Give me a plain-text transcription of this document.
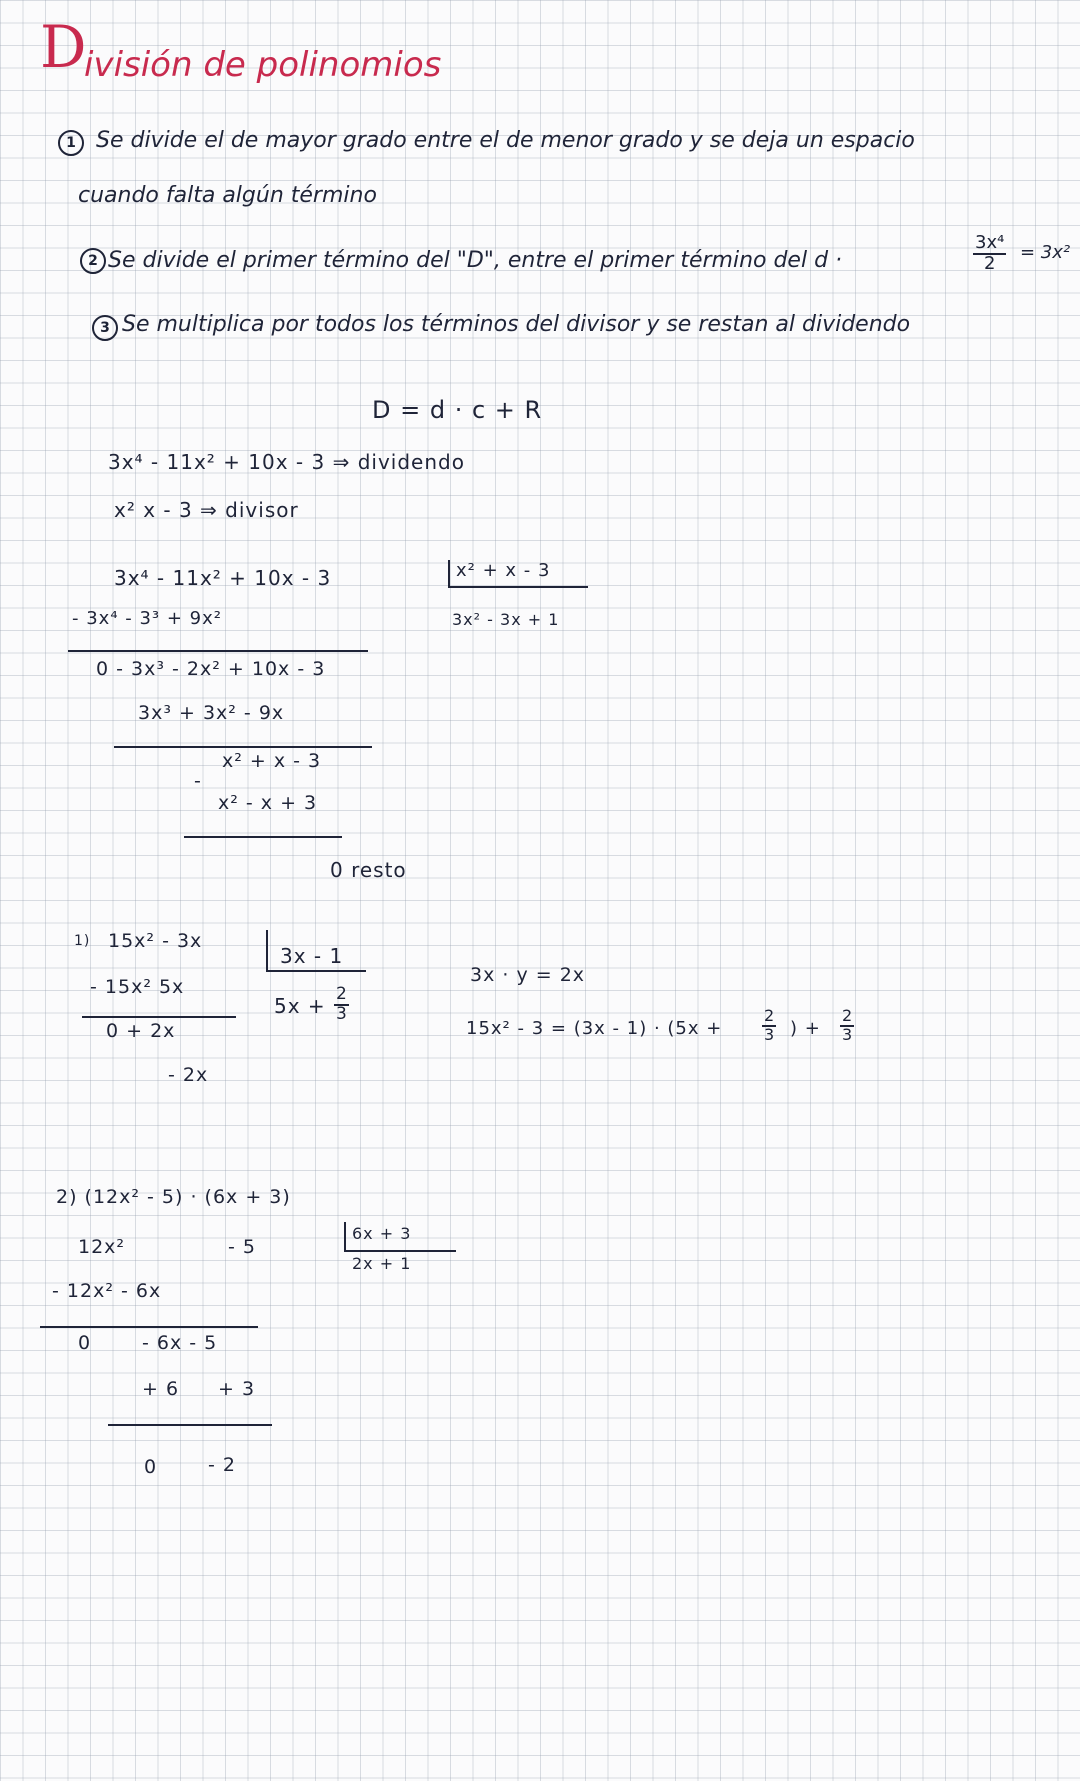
D
ivisión de polinomios
1 Se divide el de mayor grado entre el de menor grado y se deja un espacio
cuando falta algún término
2 Se divide el primer término del "D", entre el primer término del d ·	$\frac{\text{3x⁴}}{2} = 3x^2$
3 Se multiplica por todos los términos del divisor y se restan al dividendo
D = d · c + R
3x⁴ - 11x² + 10x - 3 ⇒ dividendo
x² x - 3 ⇒ divisor
3x⁴ - 11x² + 10x - 3
- 3x⁴ - 3³ + 9x²
0 - 3x³ - 2x² + 10x - 3
3x³ + 3x² - 9x
x² + x - 3
-
x² - x + 3
0 resto
x² + x - 3
3x² - 3x + 1
1) 15x² - 3x
- 15x² 5x
0 + 2x
- 2x
3x - 1
$5x + \frac{2}{3}$
3x · y = 2x
$15x^2 - 3 = (3x - 1) \cdot (5x + \frac{2}{3}$ ) + $\frac{2}{3}$
2) (12x² - 5) · (6x + 3)
12x²	- 5
- 12x² - 6x
0	- 6x - 5
+ 6 + 3
0	- 2
6x + 3
2x + 1
